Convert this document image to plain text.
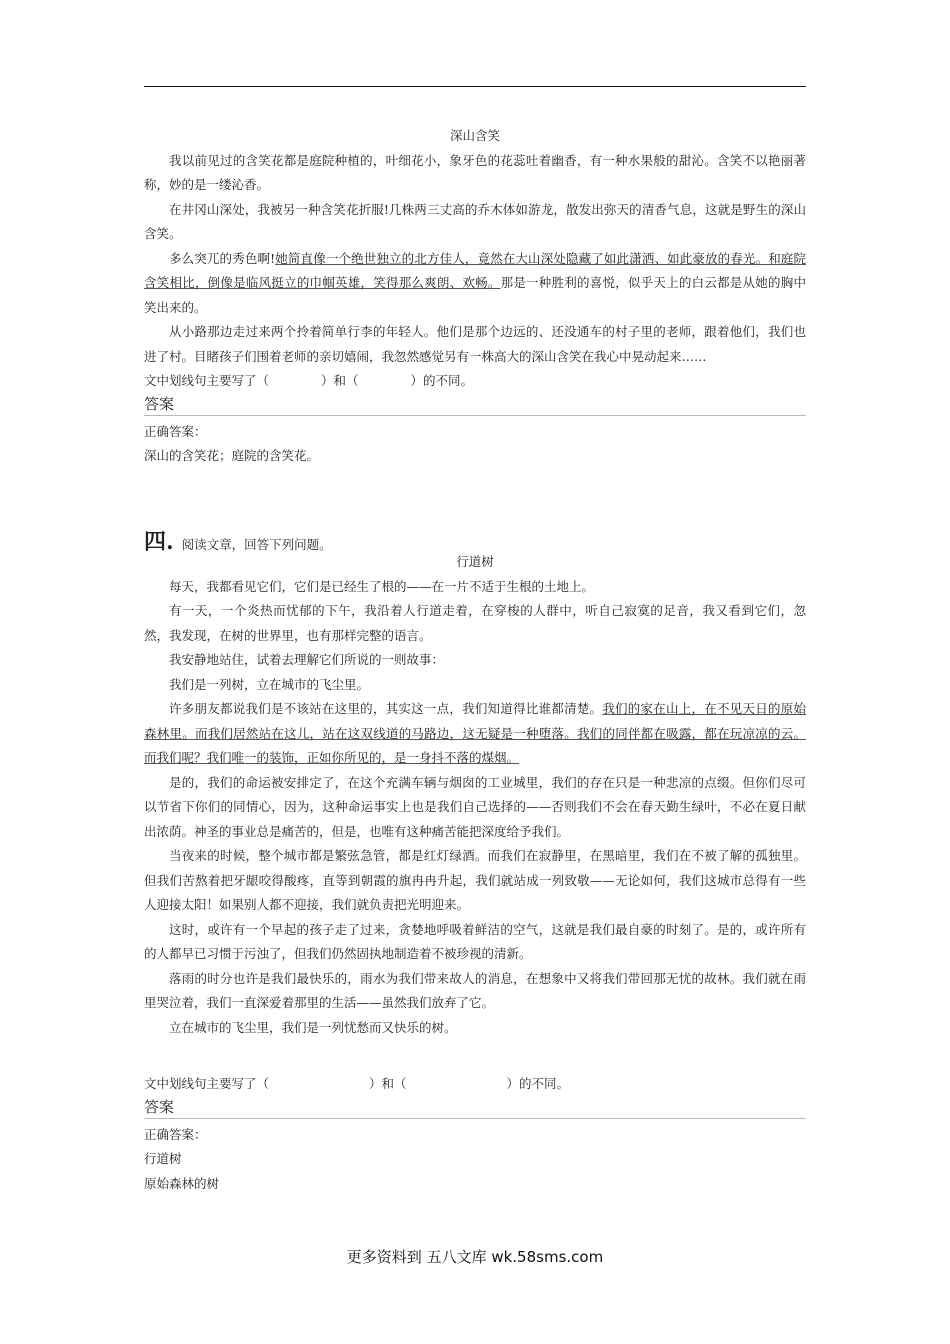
深山含笑

我以前见过的含笑花都是庭院种植的，叶细花小，象牙色的花蕊吐着幽香，有一种水果般的甜沁。含笑不以艳丽著称，妙的是一缕沁香。

在井冈山深处，我被另一种含笑花折服!几株两三丈高的乔木体如游龙，散发出弥天的清香气息，这就是野生的深山含笑。

多么突兀的秀色啊!她简直像一个绝世独立的北方佳人，竟然在大山深处隐藏了如此潇洒、如此豪放的春光。和庭院含笑相比，倒像是临风挺立的巾帼英雄，笑得那么爽朗、欢畅。那是一种胜利的喜悦，似乎天上的白云都是从她的胸中笑出来的。

从小路那边走过来两个拎着简单行李的年轻人。他们是那个边远的、还没通车的村子里的老师，跟着他们，我们也进了村。目睹孩子们围着老师的亲切嬉闹，我忽然感觉另有一株高大的深山含笑在我心中晃动起来……

文中划线句主要写了（	）和（	）的不同。

答案

正确答案：

深山的含笑花；庭院的含笑花。

四. 阅读文章，回答下列问题。
行道树

每天，我都看见它们，它们是已经生了根的——在一片不适于生根的土地上。

有一天，一个炎热而忧郁的下午，我沿着人行道走着，在穿梭的人群中，听自己寂寞的足音，我又看到它们，忽然，我发现，在树的世界里，也有那样完整的语言。

我安静地站住，试着去理解它们所说的一则故事：

我们是一列树，立在城市的飞尘里。

许多朋友都说我们是不该站在这里的，其实这一点，我们知道得比谁都清楚。我们的家在山上，在不见天日的原始森林里。而我们居然站在这儿，站在这双线道的马路边，这无疑是一种堕落。我们的同伴都在吸露，都在玩凉凉的云。而我们呢？我们唯一的装饰，正如你所见的，是一身抖不落的煤烟。

是的，我们的命运被安排定了，在这个充满车辆与烟囱的工业城里，我们的存在只是一种悲凉的点缀。但你们尽可以节省下你们的同情心，因为，这种命运事实上也是我们自己选择的——否则我们不会在春天勤生绿叶，不必在夏日献出浓荫。神圣的事业总是痛苦的，但是，也唯有这种痛苦能把深度给予我们。

当夜来的时候，整个城市都是繁弦急管，都是红灯绿酒。而我们在寂静里，在黑暗里，我们在不被了解的孤独里。但我们苦熬着把牙龈咬得酸疼，直等到朝霞的旗冉冉升起，我们就站成一列致敬——无论如何，我们这城市总得有一些人迎接太阳！如果别人都不迎接，我们就负责把光明迎来。

这时，或许有一个早起的孩子走了过来，贪婪地呼吸着鲜洁的空气，这就是我们最自豪的时刻了。是的，或许所有的人都早已习惯于污浊了，但我们仍然固执地制造着不被珍视的清新。

落雨的时分也许是我们最快乐的，雨水为我们带来故人的消息，在想象中又将我们带回那无忧的故林。我们就在雨里哭泣着，我们一直深爱着那里的生活——虽然我们放弃了它。

立在城市的飞尘里，我们是一列忧愁而又快乐的树。

文中划线句主要写了（	）和（	）的不同。

答案

正确答案：

行道树

原始森林的树

更多资料到 五八文库 wk.58sms.com
